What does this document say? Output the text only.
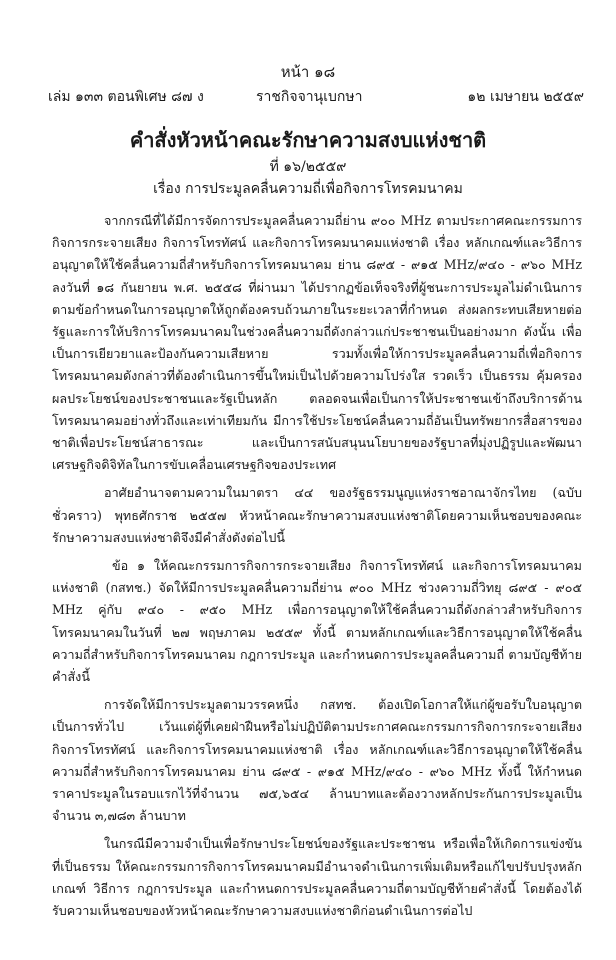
หน้า ๑๘
เล่ม ๑๓๓ ตอนพิเศษ ๘๗ ง	ราชกิจจานุเบกษา	๑๒ เมษายน ๒๕๕๙
คำสั่งหัวหน้าคณะรักษาความสงบแห่งชาติ
ที่ ๑๖/๒๕๕๙
เรื่อง การประมูลคลื่นความถี่เพื่อกิจการโทรคมนาคม

จากกรณีที่ได้มีการจัดการประมูลคลื่นความถี่ย่าน ๙๐๐ MHz ตามประกาศคณะกรรมการกิจการกระจายเสียง กิจการโทรทัศน์ และกิจการโทรคมนาคมแห่งชาติ เรื่อง หลักเกณฑ์และวิธีการอนุญาตให้ใช้คลื่นความถี่สำหรับกิจการโทรคมนาคม ย่าน ๘๙๕ - ๙๑๕ MHz/๙๔๐ - ๙๖๐ MHz ลงวันที่ ๑๘ กันยายน พ.ศ. ๒๕๕๘ ที่ผ่านมา ได้ปรากฏข้อเท็จจริงที่ผู้ชนะการประมูลไม่ดำเนินการตามข้อกำหนดในการอนุญาตให้ถูกต้องครบถ้วนภายในระยะเวลาที่กำหนด ส่งผลกระทบเสียหายต่อรัฐและการให้บริการโทรคมนาคมในช่วงคลื่นความถี่ดังกล่าวแก่ประชาชนเป็นอย่างมาก ดังนั้น เพื่อเป็นการเยียวยาและป้องกันความเสียหาย รวมทั้งเพื่อให้การประมูลคลื่นความถี่เพื่อกิจการโทรคมนาคมดังกล่าวที่ต้องดำเนินการขึ้นใหม่เป็นไปด้วยความโปร่งใส รวดเร็ว เป็นธรรม คุ้มครองผลประโยชน์ของประชาชนและรัฐเป็นหลัก ตลอดจนเพื่อเป็นการให้ประชาชนเข้าถึงบริการด้านโทรคมนาคมอย่างทั่วถึงและเท่าเทียมกัน มีการใช้ประโยชน์คลื่นความถี่อันเป็นทรัพยากรสื่อสารของชาติเพื่อประโยชน์สาธารณะ และเป็นการสนับสนุนนโยบายของรัฐบาลที่มุ่งปฏิรูปและพัฒนาเศรษฐกิจดิจิทัลในการขับเคลื่อนเศรษฐกิจของประเทศ

อาศัยอำนาจตามความในมาตรา ๔๔ ของรัฐธรรมนูญแห่งราชอาณาจักรไทย (ฉบับชั่วคราว) พุทธศักราช ๒๕๕๗ หัวหน้าคณะรักษาความสงบแห่งชาติโดยความเห็นชอบของคณะรักษาความสงบแห่งชาติจึงมีคำสั่งดังต่อไปนี้

ข้อ ๑ ให้คณะกรรมการกิจการกระจายเสียง กิจการโทรทัศน์ และกิจการโทรคมนาคมแห่งชาติ (กสทช.) จัดให้มีการประมูลคลื่นความถี่ย่าน ๙๐๐ MHz ช่วงความถี่วิทยุ ๘๙๕ - ๙๐๕ MHz คู่กับ ๙๔๐ - ๙๕๐ MHz เพื่อการอนุญาตให้ใช้คลื่นความถี่ดังกล่าวสำหรับกิจการโทรคมนาคมในวันที่ ๒๗ พฤษภาคม ๒๕๕๙ ทั้งนี้ ตามหลักเกณฑ์และวิธีการอนุญาตให้ใช้คลื่นความถี่สำหรับกิจการโทรคมนาคม กฎการประมูล และกำหนดการประมูลคลื่นความถี่ ตามบัญชีท้ายคำสั่งนี้

การจัดให้มีการประมูลตามวรรคหนึ่ง กสทช. ต้องเปิดโอกาสให้แก่ผู้ขอรับใบอนุญาตเป็นการทั่วไป เว้นแต่ผู้ที่เคยฝ่าฝืนหรือไม่ปฏิบัติตามประกาศคณะกรรมการกิจการกระจายเสียง กิจการโทรทัศน์ และกิจการโทรคมนาคมแห่งชาติ เรื่อง หลักเกณฑ์และวิธีการอนุญาตให้ใช้คลื่นความถี่สำหรับกิจการโทรคมนาคม ย่าน ๘๙๕ - ๙๑๕ MHz/๙๔๐ - ๙๖๐ MHz ทั้งนี้ ให้กำหนดราคาประมูลในรอบแรกไว้ที่จำนวน ๗๕,๖๕๔ ล้านบาทและต้องวางหลักประกันการประมูลเป็นจำนวน ๓,๗๘๓ ล้านบาท

ในกรณีมีความจำเป็นเพื่อรักษาประโยชน์ของรัฐและประชาชน หรือเพื่อให้เกิดการแข่งขันที่เป็นธรรม ให้คณะกรรมการกิจการโทรคมนาคมมีอำนาจดำเนินการเพิ่มเติมหรือแก้ไขปรับปรุงหลักเกณฑ์ วิธีการ กฎการประมูล และกำหนดการประมูลคลื่นความถี่ตามบัญชีท้ายคำสั่งนี้ โดยต้องได้รับความเห็นชอบของหัวหน้าคณะรักษาความสงบแห่งชาติก่อนดำเนินการต่อไป
